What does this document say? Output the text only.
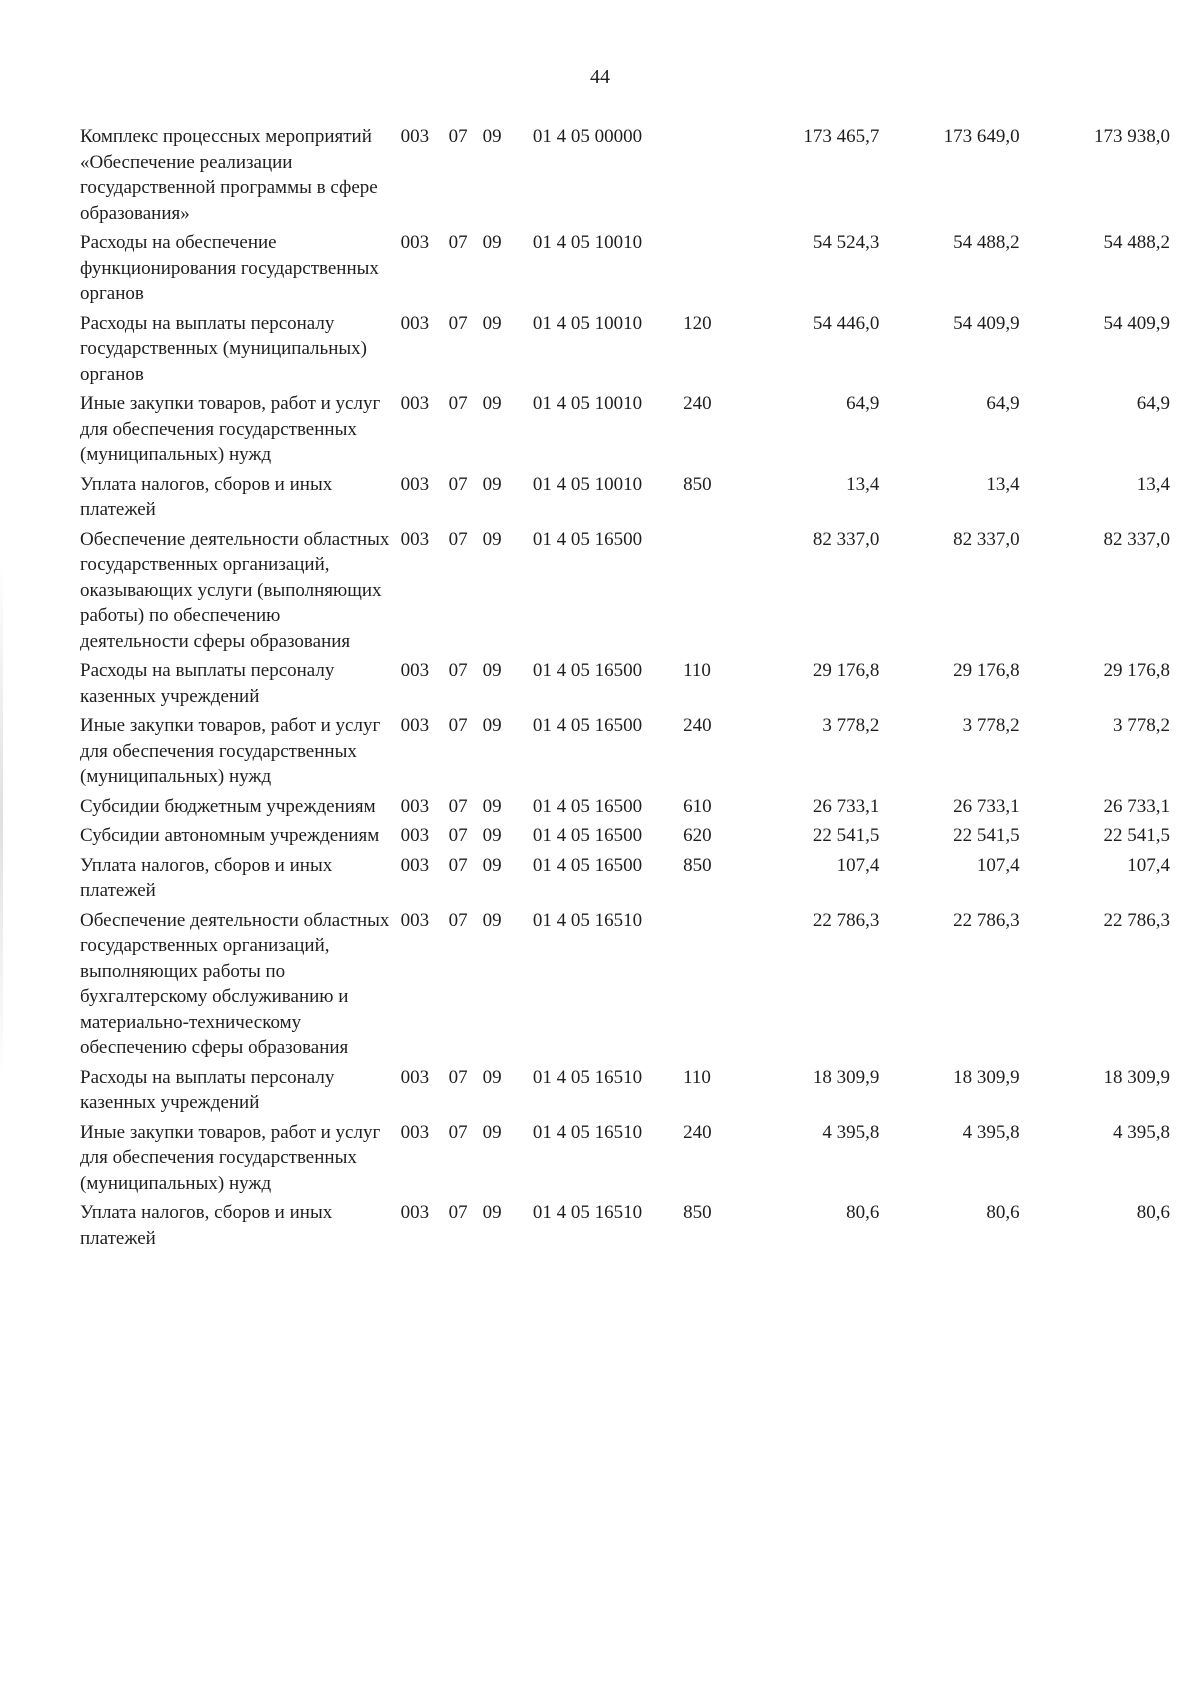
44
Комплекс процессных мероприятий «Обеспечение реализации государственной программы в сфере образования»	003 07 09	01 4 05 00000		173 465,7	173 649,0	173 938,0
Расходы на обеспечение функционирования государственных органов	003 07 09	01 4 05 10010		54 524,3	54 488,2	54 488,2
Расходы на выплаты персоналу государственных (муниципальных) органов	003 07 09	01 4 05 10010	120	54 446,0	54 409,9	54 409,9
Иные закупки товаров, работ и услуг для обеспечения государственных (муниципальных) нужд	003 07 09	01 4 05 10010	240	64,9	64,9	64,9
Уплата налогов, сборов и иных платежей	003 07 09	01 4 05 10010	850	13,4	13,4	13,4
Обеспечение деятельности областных государственных организаций, оказывающих услуги (выполняющих работы) по обеспечению деятельности сферы образования	003 07 09	01 4 05 16500		82 337,0	82 337,0	82 337,0
Расходы на выплаты персоналу казенных учреждений	003 07 09	01 4 05 16500	110	29 176,8	29 176,8	29 176,8
Иные закупки товаров, работ и услуг для обеспечения государственных (муниципальных) нужд	003 07 09	01 4 05 16500	240	3 778,2	3 778,2	3 778,2
Субсидии бюджетным учреждениям	003 07 09	01 4 05 16500	610	26 733,1	26 733,1	26 733,1
Субсидии автономным учреждениям	003 07 09	01 4 05 16500	620	22 541,5	22 541,5	22 541,5
Уплата налогов, сборов и иных платежей	003 07 09	01 4 05 16500	850	107,4	107,4	107,4
Обеспечение деятельности областных государственных организаций, выполняющих работы по бухгалтерскому обслуживанию и материально-техническому обеспечению сферы образования	003 07 09	01 4 05 16510		22 786,3	22 786,3	22 786,3
Расходы на выплаты персоналу казенных учреждений	003 07 09	01 4 05 16510	110	18 309,9	18 309,9	18 309,9
Иные закупки товаров, работ и услуг для обеспечения государственных (муниципальных) нужд	003 07 09	01 4 05 16510	240	4 395,8	4 395,8	4 395,8
Уплата налогов, сборов и иных платежей	003 07 09	01 4 05 16510	850	80,6	80,6	80,6
